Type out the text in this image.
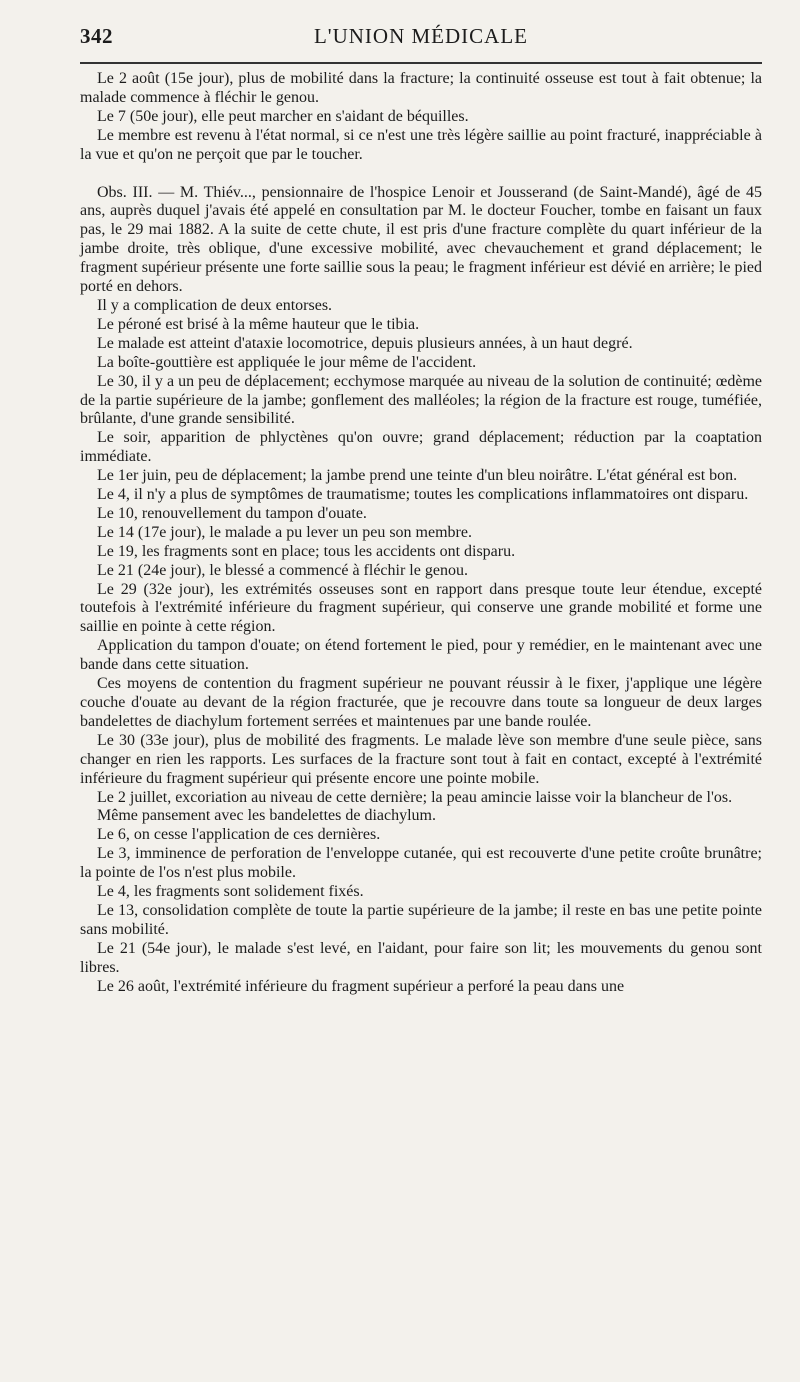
342	L'UNION MÉDICALE

Le 2 août (15e jour), plus de mobilité dans la fracture; la continuité osseuse est tout à fait obtenue; la malade commence à fléchir le genou.

Le 7 (50e jour), elle peut marcher en s'aidant de béquilles.

Le membre est revenu à l'état normal, si ce n'est une très légère saillie au point fracturé, inappréciable à la vue et qu'on ne perçoit que par le toucher.

Obs. III. — M. Thiév..., pensionnaire de l'hospice Lenoir et Jousserand (de Saint-Mandé), âgé de 45 ans, auprès duquel j'avais été appelé en consultation par M. le docteur Foucher, tombe en faisant un faux pas, le 29 mai 1882. A la suite de cette chute, il est pris d'une fracture complète du quart inférieur de la jambe droite, très oblique, d'une excessive mobilité, avec chevauchement et grand déplacement; le fragment supérieur présente une forte saillie sous la peau; le fragment inférieur est dévié en arrière; le pied porté en dehors.

Il y a complication de deux entorses.

Le péroné est brisé à la même hauteur que le tibia.

Le malade est atteint d'ataxie locomotrice, depuis plusieurs années, à un haut degré.

La boîte-gouttière est appliquée le jour même de l'accident.

Le 30, il y a un peu de déplacement; ecchymose marquée au niveau de la solution de continuité; œdème de la partie supérieure de la jambe; gonflement des malléoles; la région de la fracture est rouge, tuméfiée, brûlante, d'une grande sensibilité.

Le soir, apparition de phlyctènes qu'on ouvre; grand déplacement; réduction par la coaptation immédiate.

Le 1er juin, peu de déplacement; la jambe prend une teinte d'un bleu noirâtre. L'état général est bon.

Le 4, il n'y a plus de symptômes de traumatisme; toutes les complications inflammatoires ont disparu.

Le 10, renouvellement du tampon d'ouate.

Le 14 (17e jour), le malade a pu lever un peu son membre.

Le 19, les fragments sont en place; tous les accidents ont disparu.

Le 21 (24e jour), le blessé a commencé à fléchir le genou.

Le 29 (32e jour), les extrémités osseuses sont en rapport dans presque toute leur étendue, excepté toutefois à l'extrémité inférieure du fragment supérieur, qui conserve une grande mobilité et forme une saillie en pointe à cette région.

Application du tampon d'ouate; on étend fortement le pied, pour y remédier, en le maintenant avec une bande dans cette situation.

Ces moyens de contention du fragment supérieur ne pouvant réussir à le fixer, j'applique une légère couche d'ouate au devant de la région fracturée, que je recouvre dans toute sa longueur de deux larges bandelettes de diachylum fortement serrées et maintenues par une bande roulée.

Le 30 (33e jour), plus de mobilité des fragments. Le malade lève son membre d'une seule pièce, sans changer en rien les rapports. Les surfaces de la fracture sont tout à fait en contact, excepté à l'extrémité inférieure du fragment supérieur qui présente encore une pointe mobile.

Le 2 juillet, excoriation au niveau de cette dernière; la peau amincie laisse voir la blancheur de l'os.

Même pansement avec les bandelettes de diachylum.

Le 6, on cesse l'application de ces dernières.

Le 3, imminence de perforation de l'enveloppe cutanée, qui est recouverte d'une petite croûte brunâtre; la pointe de l'os n'est plus mobile.

Le 4, les fragments sont solidement fixés.

Le 13, consolidation complète de toute la partie supérieure de la jambe; il reste en bas une petite pointe sans mobilité.

Le 21 (54e jour), le malade s'est levé, en l'aidant, pour faire son lit; les mouvements du genou sont libres.

Le 26 août, l'extrémité inférieure du fragment supérieur a perforé la peau dans une
